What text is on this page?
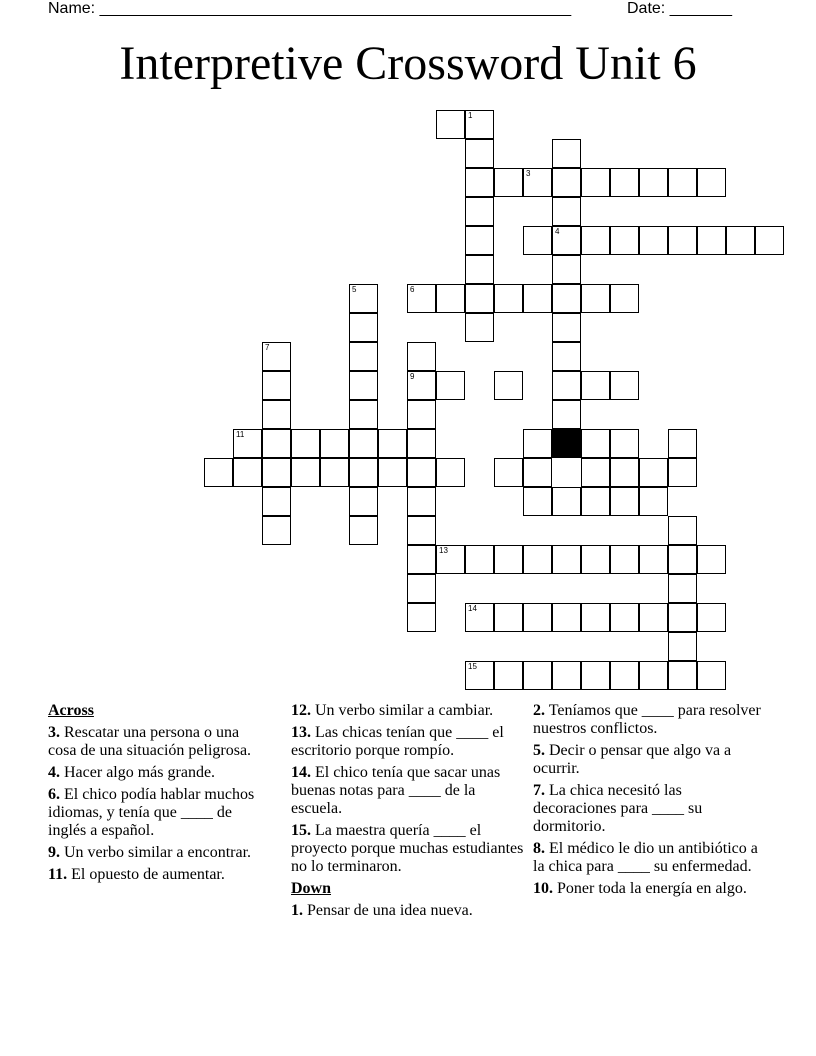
Name: _____________________________________________________	Date: _______
Interpretive Crossword Unit 6
1
4
3
6
5
9
7
11
13
14
15
Across
3. Rescatar una persona o una cosa de una situación peligrosa.
4. Hacer algo más grande.
6. El chico podía hablar muchos idiomas, y tenía que ____ de inglés a español.
9. Un verbo similar a encontrar.
11. El opuesto de aumentar.
12. Un verbo similar a cambiar.
13. Las chicas tenían que ____ el escritorio porque rompío.
14. El chico tenía que sacar unas buenas notas para ____ de la escuela.
15. La maestra quería ____ el proyecto porque muchas estudiantes no lo terminaron.
Down
1. Pensar de una idea nueva.
2. Teníamos que ____ para resolver nuestros conflictos.
5. Decir o pensar que algo va a ocurrir.
7. La chica necesitó las decoraciones para ____ su dormitorio.
8. El médico le dio un antibiótico a la chica para ____ su enfermedad.
10. Poner toda la energía en algo.
